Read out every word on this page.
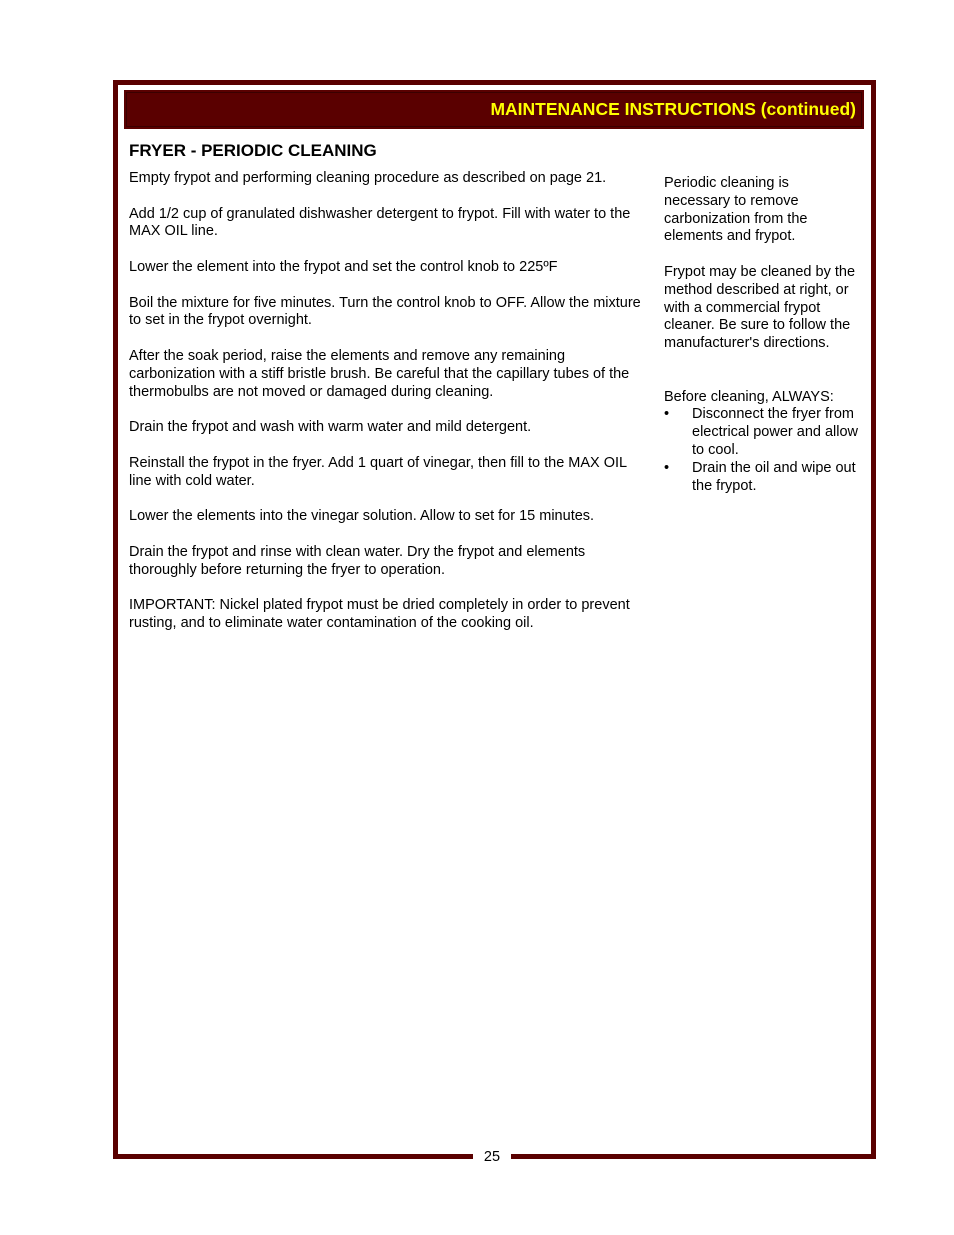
MAINTENANCE INSTRUCTIONS (continued)
FRYER - PERIODIC CLEANING

Empty frypot and performing cleaning procedure as described on page 21.

Add 1/2 cup of granulated dishwasher detergent to frypot. Fill with water to the MAX OIL line.

Lower the element into the frypot and set the control knob to 225ºF

Boil the mixture for five minutes. Turn the control knob to OFF. Allow the mixture to set in the frypot overnight.

After the soak period, raise the elements and remove any remaining carbonization with a stiff bristle brush. Be careful that the capillary tubes of the thermobulbs are not moved or damaged during cleaning.

Drain the frypot and wash with warm water and mild detergent.

Reinstall the frypot in the fryer. Add 1 quart of vinegar, then fill to the MAX OIL line with cold water.

Lower the elements into the vinegar solution. Allow to set for 15 minutes.

Drain the frypot and rinse with clean water. Dry the frypot and elements thoroughly before returning the fryer to operation.

IMPORTANT: Nickel plated frypot must be dried completely in order to prevent rusting, and to eliminate water contamination of the cooking oil.

Periodic cleaning is necessary to remove carbonization from the elements and frypot.

Frypot may be cleaned by the method described at right, or with a commercial frypot cleaner. Be sure to follow the manufacturer's directions.

Before cleaning, ALWAYS:
• Disconnect the fryer from electrical power and allow to cool.
• Drain the oil and wipe out the frypot.
25
